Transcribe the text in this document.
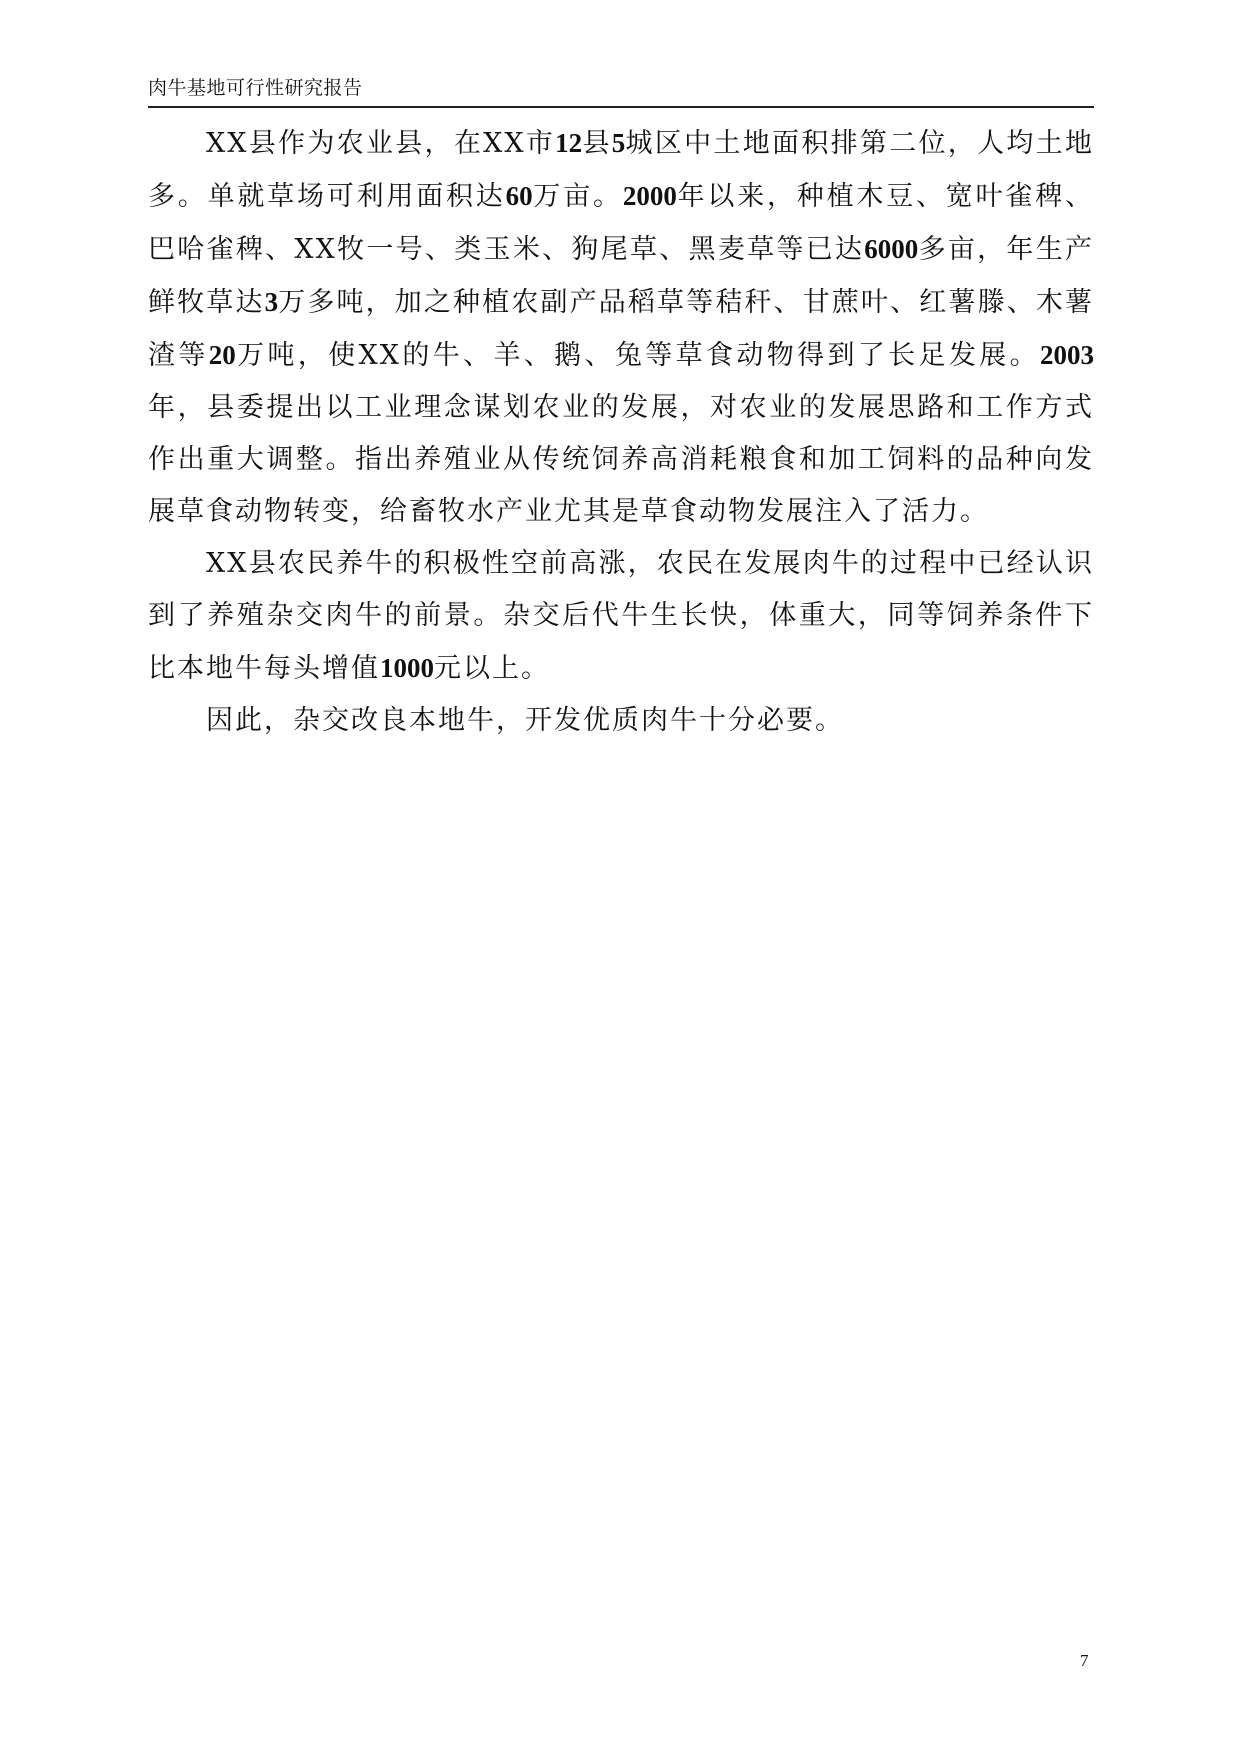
肉牛基地可行性研究报告

XX县作为农业县，在XX市12县5城区中土地面积排第二位，人均土地多。单就草场可利用面积达60万亩。2000年以来，种植木豆、宽叶雀稗、巴哈雀稗、XX牧一号、类玉米、狗尾草、黑麦草等已达6000多亩，年生产鲜牧草达3万多吨，加之种植农副产品稻草等秸秆、甘蔗叶、红薯滕、木薯渣等20万吨，使XX的牛、羊、鹅、兔等草食动物得到了长足发展。2003年，县委提出以工业理念谋划农业的发展，对农业的发展思路和工作方式作出重大调整。指出养殖业从传统饲养高消耗粮食和加工饲料的品种向发展草食动物转变，给畜牧水产业尤其是草食动物发展注入了活力。

XX县农民养牛的积极性空前高涨，农民在发展肉牛的过程中已经认识到了养殖杂交肉牛的前景。杂交后代牛生长快，体重大，同等饲养条件下比本地牛每头增值1000元以上。

因此，杂交改良本地牛，开发优质肉牛十分必要。

7
